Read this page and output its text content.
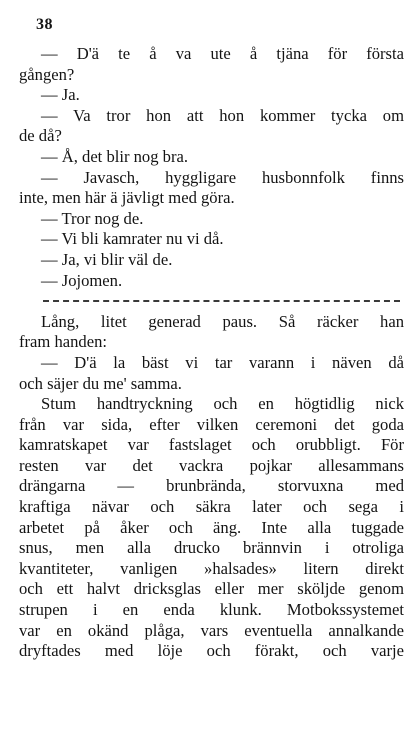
38
— D'ä te å va ute å tjäna för första
gången?
— Ja.
— Va tror hon att hon kommer tycka om
de då?
— Å, det blir nog bra.
— Javasch, hyggligare husbonnfolk finns
inte, men här ä jävligt med göra.
— Tror nog de.
— Vi bli kamrater nu vi då.
— Ja, vi blir väl de.
— Jojomen.
Lång, litet generad paus. Så räcker han
fram handen:
— D'ä la bäst vi tar varann i näven då
och säjer du me' samma.
Stum handtryckning och en högtidlig nick
från var sida, efter vilken ceremoni det goda
kamratskapet var fastslaget och orubbligt. För
resten var det vackra pojkar allesammans
drängarna — brunbrända, storvuxna med
kraftiga nävar och säkra later och sega i
arbetet på åker och äng. Inte alla tuggade
snus, men alla drucko brännvin i otroliga
kvantiteter, vanligen »halsades» litern direkt
och ett halvt dricksglas eller mer sköljde genom
strupen i en enda klunk. Motbokssystemet
var en okänd plåga, vars eventuella annalkande
dryftades med löje och förakt, och varje
